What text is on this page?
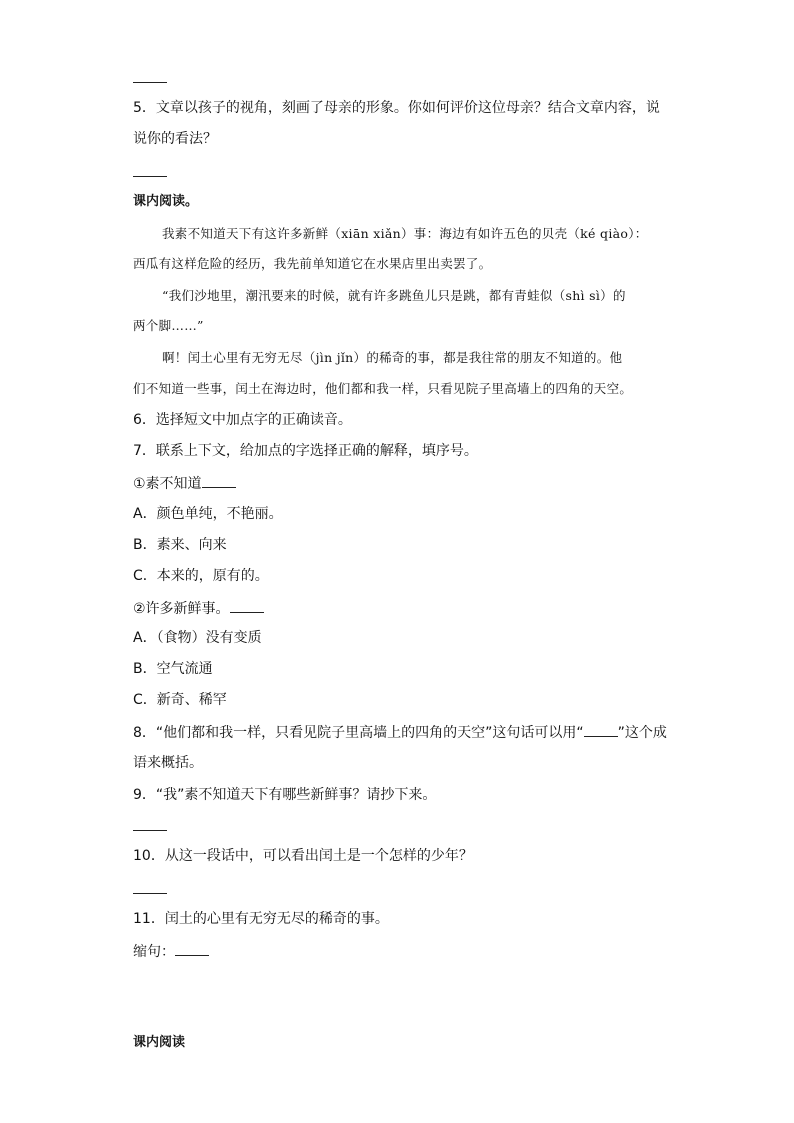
5．文章以孩子的视角，刻画了母亲的形象。你如何评价这位母亲？结合文章内容，说
说你的看法？
课内阅读。
我素不知道天下有这许多新鲜（xiān xiǎn）事：海边有如许五色的贝壳（ké qiào）：
西瓜有这样危险的经历，我先前单知道它在水果店里出卖罢了。
“我们沙地里，潮汛要来的时候，就有许多跳鱼儿只是跳，都有青蛙似（shì sì）的
两个脚……”
啊！闰土心里有无穷无尽（jìn jǐn）的稀奇的事，都是我往常的朋友不知道的。他
们不知道一些事，闰土在海边时，他们都和我一样，只看见院子里高墙上的四角的天空。
6．选择短文中加点字的正确读音。
7．联系上下文，给加点的字选择正确的解释，填序号。
①素不知道
A．颜色单纯，不艳丽。
B．素来、向来
C．本来的，原有的。
②许多新鲜事。
A．（食物）没有变质
B．空气流通
C．新奇、稀罕
8．“他们都和我一样，只看见院子里高墙上的四角的天空”这句话可以用“ ”这个成
语来概括。
9．“我”素不知道天下有哪些新鲜事？请抄下来。
10．从这一段话中，可以看出闰土是一个怎样的少年？
11．闰土的心里有无穷无尽的稀奇的事。
缩句：
课内阅读
